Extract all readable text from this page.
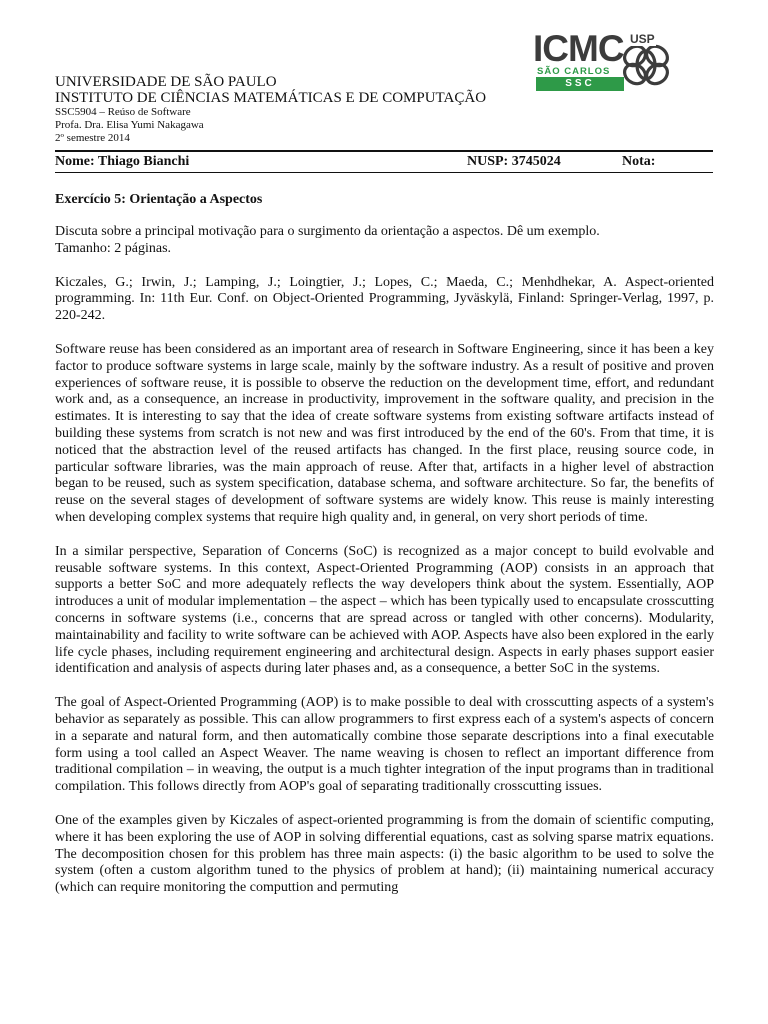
ICMC USP
SÃO CARLOS
SSC
UNIVERSIDADE DE SÃO PAULO
INSTITUTO DE CIÊNCIAS MATEMÁTICAS E DE COMPUTAÇÃO
SSC5904 – Reúso de Software
Profa. Dra. Elisa Yumi Nakagawa
2º semestre 2014
Nome: Thiago Bianchi	NUSP: 3745024	Nota:
Exercício 5: Orientação a Aspectos
Discuta sobre a principal motivação para o surgimento da orientação a aspectos. Dê um exemplo.
Tamanho: 2 páginas.
Kiczales, G.; Irwin, J.; Lamping, J.; Loingtier, J.; Lopes, C.; Maeda, C.; Menhdhekar, A. Aspect-oriented programming. In: 11th Eur. Conf. on Object-Oriented Programming, Jyväskylä, Finland: Springer-Verlag, 1997, p. 220-242.
Software reuse has been considered as an important area of research in Software Engineering, since it has been a key factor to produce software systems in large scale, mainly by the software industry. As a result of positive and proven experiences of software reuse, it is possible to observe the reduction on the development time, effort, and redundant work and, as a consequence, an increase in productivity, improvement in the software quality, and precision in the estimates. It is interesting to say that the idea of create software systems from existing software artifacts instead of building these systems from scratch is not new and was first introduced by the end of the 60's. From that time, it is noticed that the abstraction level of the reused artifacts has changed. In the first place, reusing source code, in particular software libraries, was the main approach of reuse. After that, artifacts in a higher level of abstraction began to be reused, such as system specification, database schema, and software architecture. So far, the benefits of reuse on the several stages of development of software systems are widely know. This reuse is mainly interesting when developing complex systems that require high quality and, in general, on very short periods of time.
In a similar perspective, Separation of Concerns (SoC) is recognized as a major concept to build evolvable and reusable software systems. In this context, Aspect-Oriented Programming (AOP) consists in an approach that supports a better SoC and more adequately reflects the way developers think about the system. Essentially, AOP introduces a unit of modular implementation – the aspect – which has been typically used to encapsulate crosscutting concerns in software systems (i.e., concerns that are spread across or tangled with other concerns). Modularity, maintainability and facility to write software can be achieved with AOP. Aspects have also been explored in the early life cycle phases, including requirement engineering and architectural design. Aspects in early phases support easier identification and analysis of aspects during later phases and, as a consequence, a better SoC in the systems.
The goal of Aspect-Oriented Programming (AOP) is to make possible to deal with crosscutting aspects of a system's behavior as separately as possible. This can allow programmers to first express each of a system's aspects of concern in a separate and natural form, and then automatically combine those separate descriptions into a final executable form using a tool called an Aspect Weaver. The name weaving is chosen to reflect an important difference from traditional compilation – in weaving, the output is a much tighter integration of the input programs than in traditional compilation. This follows directly from AOP's goal of separating traditionally crosscutting issues.
One of the examples given by Kiczales of aspect-oriented programming is from the domain of scientific computing, where it has been exploring the use of AOP in solving differential equations, cast as solving sparse matrix equations. The decomposition chosen for this problem has three main aspects: (i) the basic algorithm to be used to solve the system (often a custom algorithm tuned to the physics of problem at hand); (ii) maintaining numerical accuracy (which can require monitoring the computtion and permuting
